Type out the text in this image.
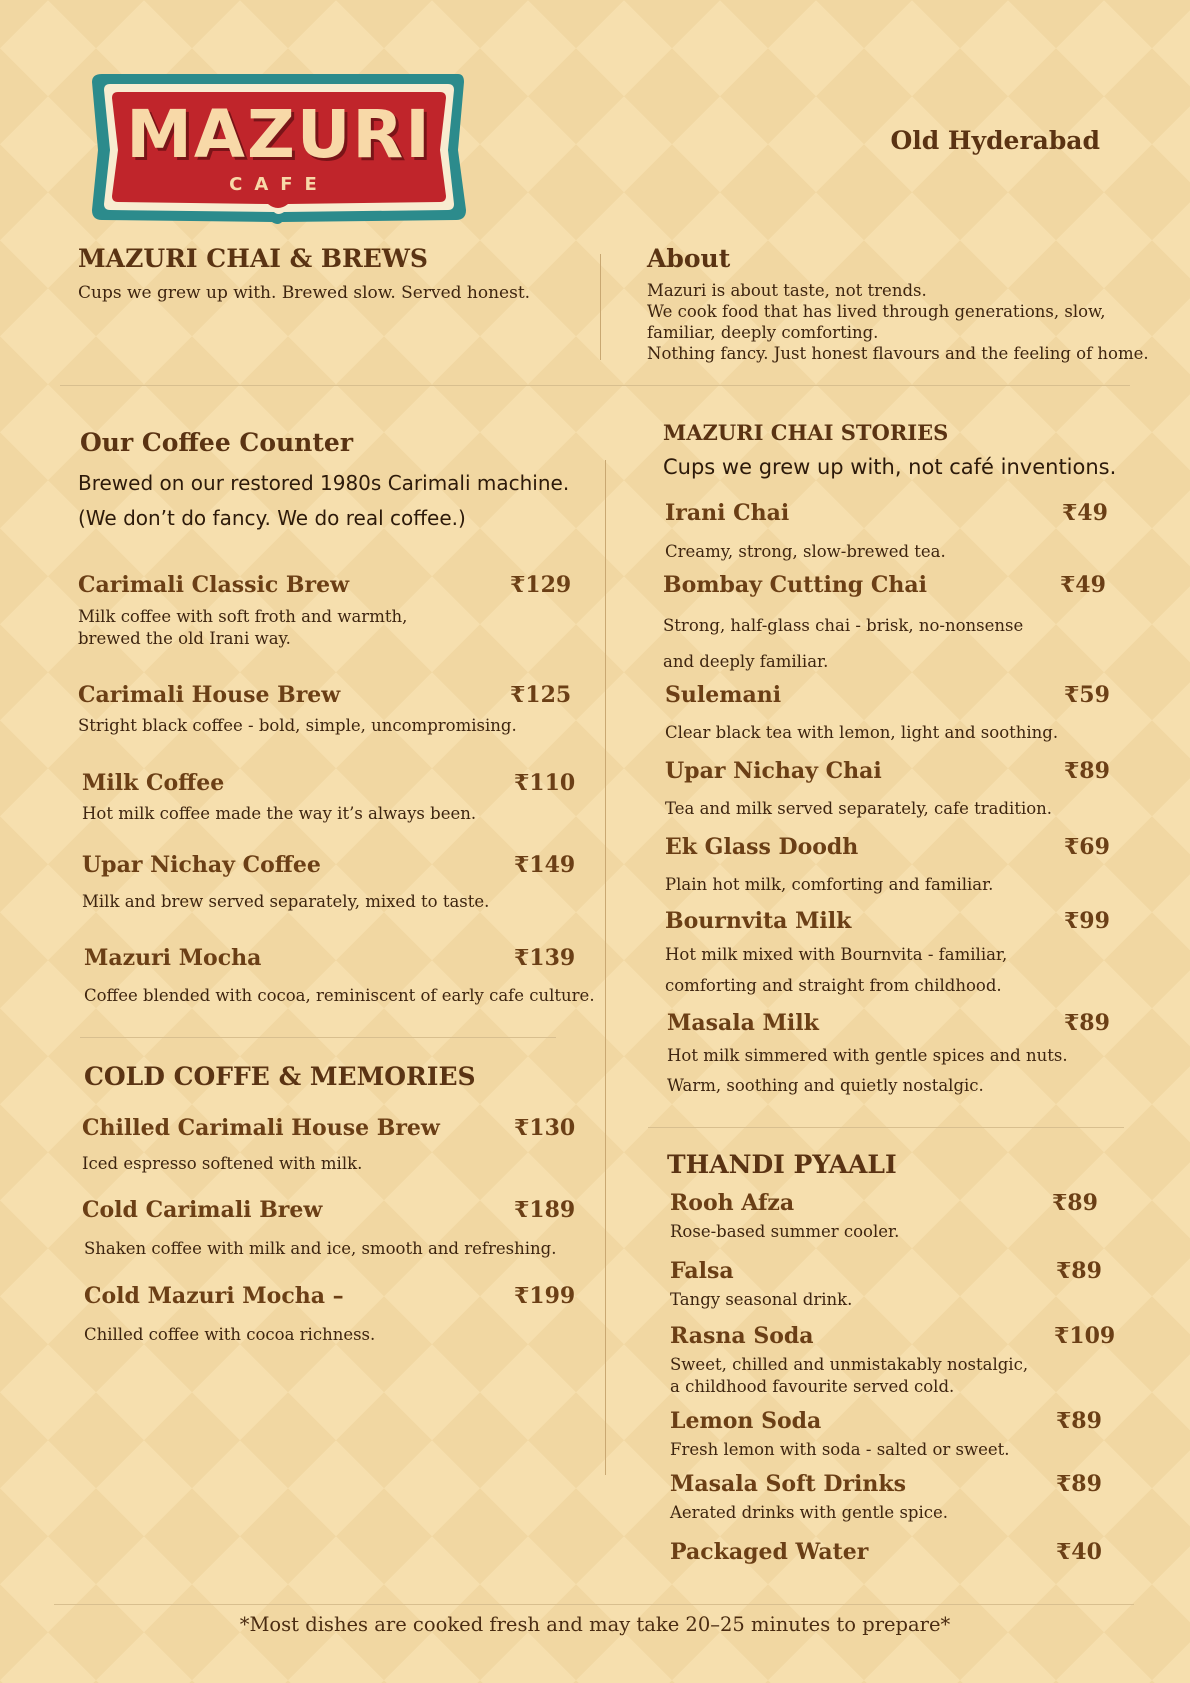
MAZURI
CAFE
Old Hyderabad
MAZURI CHAI & BREWS
Cups we grew up with. Brewed slow. Served honest.
About
Mazuri is about taste, not trends.
We cook food that has lived through generations, slow,
familiar, deeply comforting.
Nothing fancy. Just honest flavours and the feeling of home.
Our Coffee Counter
Brewed on our restored 1980s Carimali machine.
(We don’t do fancy. We do real coffee.)
Carimali Classic Brew	₹129
Milk coffee with soft froth and warmth,
brewed the old Irani way.
Carimali House Brew	₹125
Stright black coffee - bold, simple, uncompromising.
Milk Coffee	₹110
Hot milk coffee made the way it’s always been.
Upar Nichay Coffee	₹149
Milk and brew served separately, mixed to taste.
Mazuri Mocha	₹139
Coffee blended with cocoa, reminiscent of early cafe culture.
COLD COFFE & MEMORIES
Chilled Carimali House Brew	₹130
Iced espresso softened with milk.
Cold Carimali Brew	₹189
Shaken coffee with milk and ice, smooth and refreshing.
Cold Mazuri Mocha –	₹199
Chilled coffee with cocoa richness.
MAZURI CHAI STORIES
Cups we grew up with, not café inventions.
Irani Chai	₹49
Creamy, strong, slow-brewed tea.
Bombay Cutting Chai	₹49
Strong, half-glass chai - brisk, no-nonsense
and deeply familiar.
Sulemani	₹59
Clear black tea with lemon, light and soothing.
Upar Nichay Chai	₹89
Tea and milk served separately, cafe tradition.
Ek Glass Doodh	₹69
Plain hot milk, comforting and familiar.
Bournvita Milk	₹99
Hot milk mixed with Bournvita - familiar,
comforting and straight from childhood.
Masala Milk	₹89
Hot milk simmered with gentle spices and nuts.
Warm, soothing and quietly nostalgic.
THANDI PYAALI
Rooh Afza	₹89
Rose-based summer cooler.
Falsa	₹89
Tangy seasonal drink.
Rasna Soda	₹109
Sweet, chilled and unmistakably nostalgic,
a childhood favourite served cold.
Lemon Soda	₹89
Fresh lemon with soda - salted or sweet.
Masala Soft Drinks	₹89
Aerated drinks with gentle spice.
Packaged Water	₹40
*Most dishes are cooked fresh and may take 20–25 minutes to prepare*
